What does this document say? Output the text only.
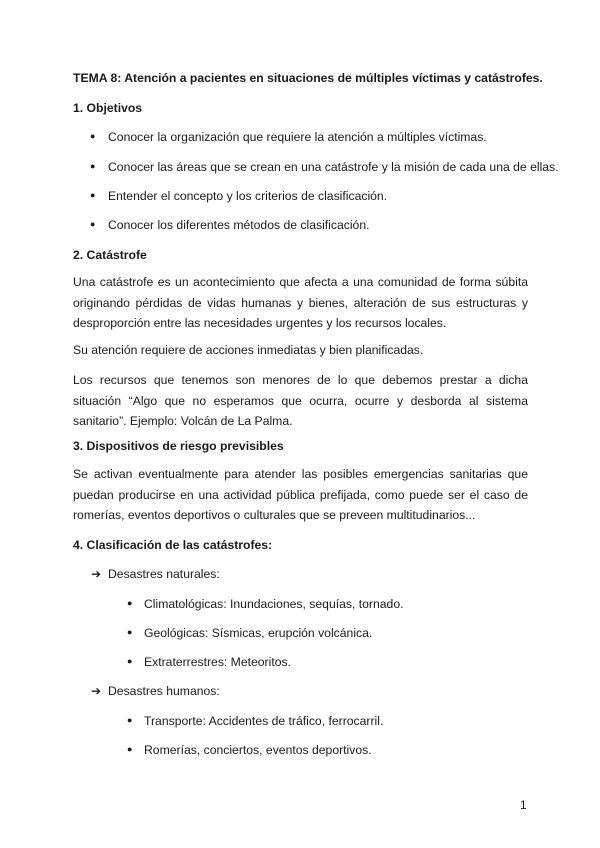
TEMA 8: Atención a pacientes en situaciones de múltiples víctimas y catástrofes.
1. Objetivos
● Conocer la organización que requiere la atención a múltiples víctimas.
● Conocer las áreas que se crean en una catástrofe y la misión de cada una de ellas.
● Entender el concepto y los criterios de clasificación.
● Conocer los diferentes métodos de clasificación.
2. Catástrofe
Una catástrofe es un acontecimiento que afecta a una comunidad de forma súbita originando pérdidas de vidas humanas y bienes, alteración de sus estructuras y desproporción entre las necesidades urgentes y los recursos locales.
Su atención requiere de acciones inmediatas y bien planificadas.
Los recursos que tenemos son menores de lo que debemos prestar a dicha situación “Algo que no esperamos que ocurra, ocurre y desborda al sistema sanitario”. Ejemplo: Volcán de La Palma.
3. Dispositivos de riesgo previsibles
Se activan eventualmente para atender las posibles emergencias sanitarias que puedan producirse en una actividad pública prefijada, como puede ser el caso de romerías, eventos deportivos o culturales que se preveen multitudinarios...
4. Clasificación de las catástrofes:
➔ Desastres naturales:
● Climatológicas: Inundaciones, sequías, tornado.
● Geológicas: Sísmicas, erupción volcánica.
● Extraterrestres: Meteoritos.
➔ Desastres humanos:
● Transporte: Accidentes de tráfico, ferrocarril.
● Romerías, conciertos, eventos deportivos.
1
